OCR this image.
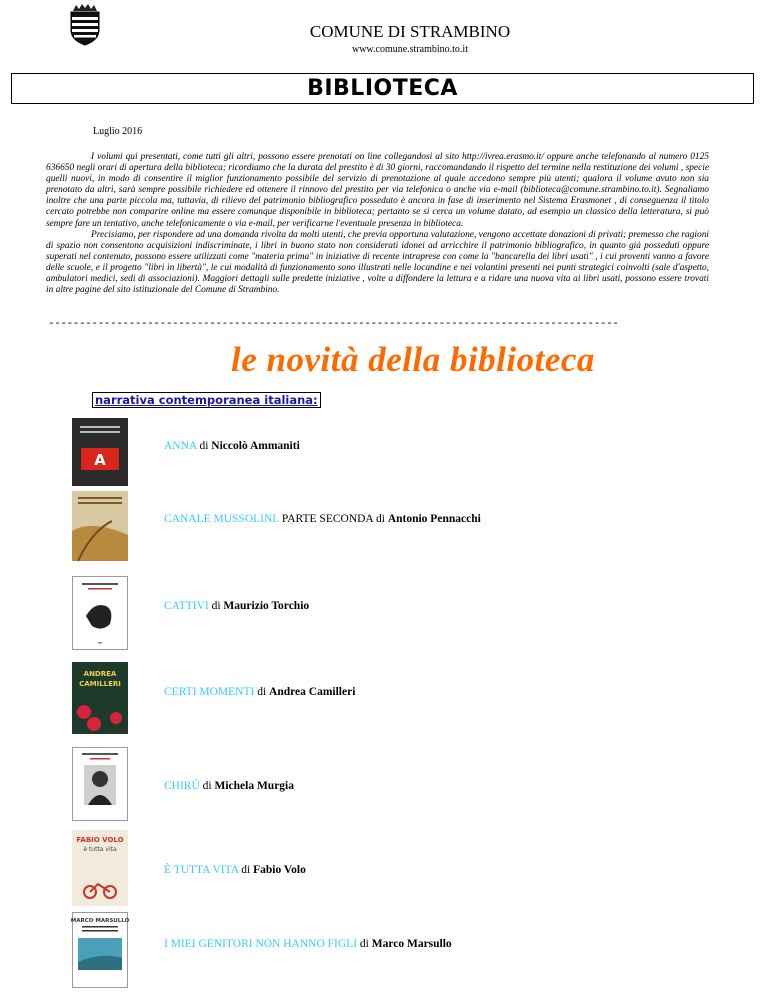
COMUNE DI STRAMBINO
www.comune.strambino.to.it
BIBLIOTECA
Luglio 2016

I volumi qui presentati, come tutti gli altri, possono essere prenotati on line collegandosi al sito http://ivrea.erasmo.it/ oppure anche telefonando al numero 0125 636650 negli orari di apertura della biblioteca; ricordiamo che la durata del prestito è di 30 giorni, raccomandando il rispetto del termine nella restituzione dei volumi , specie quelli nuovi, in modo di consentire il miglior funzionamento possibile del servizio di prenotazione al quale accedono sempre più utenti; qualora il volume avuto non sia prenotato da altri, sarà sempre possibile richiedere ed ottenere il rinnovo del prestito per via telefonica o anche via e-mail (biblioteca@comune.strambino.to.it). Segnaliamo inoltre che una parte piccola ma, tuttavia, di rilievo del patrimonio bibliografico posseduto è ancora in fase di inserimento nel Sistema Erasmonet , di conseguenza il titolo cercato potrebbe non comparire online ma essere comunque disponibile in biblioteca; pertanto se si cerca un volume datato, ad esempio un classico della letteratura, si può sempre fare un tentativo, anche telefonicamente o via e-mail, per verificarne l'eventuale presenza in biblioteca.

Precisiamo, per rispondere ad una domanda rivolta da molti utenti, che previa opportuna valutazione, vengono accettate donazioni di privati; premesso che ragioni di spazio non consentono acquisizioni indiscriminate, i libri in buono stato non considerati idonei ad arricchire il patrimonio bibliografico, in quanto già posseduti oppure superati nel contenuto, possono essere utilizzati come "materia prima" in iniziative di recente intraprese con come la "bancarella dei libri usati" , i cui proventi vanno a favore delle scuole, e il progetto "libri in libertà", le cui modalità di funzionamento sono illustrati nelle locandine e nei volantini presenti nei punti strategici coinvolti (sale d'aspetto, ambulatori medici, sedi di associazioni). Maggiori dettagli sulle predette iniziative , volte a diffondere la lettura e a ridare una nuova vita ai libri usati, possono essere trovati in altre pagine del sito istituzionale del Comune di Strambino.

--------------------------------------------------------------------------------------------
le novità della biblioteca
narrativa contemporanea italiana:
A
ANNA di Niccolò Ammaniti
CANALE MUSSOLINI. PARTE SECONDA di Antonio Pennacchi
CATTIVI di Maurizio Torchio
ANDREA
CAMILLERI
CERTI MOMENTI di Andrea Camilleri
CHIRÚ di Michela Murgia
FABIO VOLO
è tutta vita
È TUTTA VITA di Fabio Volo
MARCO MARSULLO
I MIEI GENITORI NON HANNO FIGLI di Marco Marsullo
